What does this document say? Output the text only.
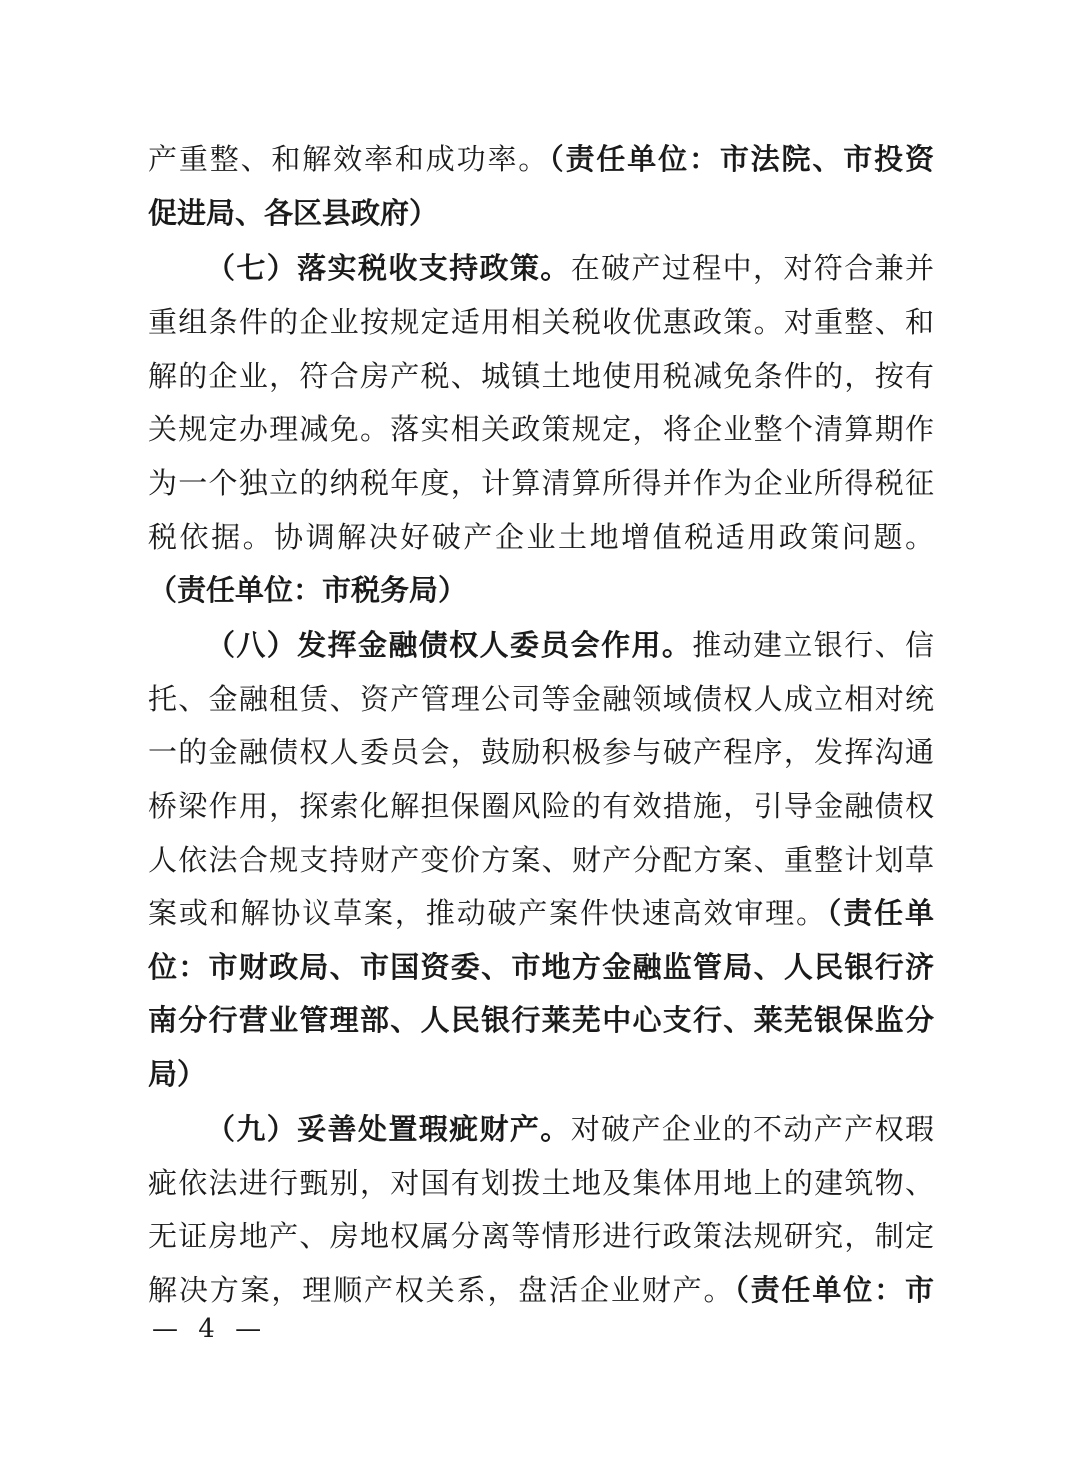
产重整、和解效率和成功率。（责任单位：市法院、市投资
促进局、各区县政府）
（七）落实税收支持政策。在破产过程中，对符合兼并
重组条件的企业按规定适用相关税收优惠政策。对重整、和
解的企业，符合房产税、城镇土地使用税减免条件的，按有
关规定办理减免。落实相关政策规定，将企业整个清算期作
为一个独立的纳税年度，计算清算所得并作为企业所得税征
税依据。协调解决好破产企业土地增值税适用政策问题。
（责任单位：市税务局）
（八）发挥金融债权人委员会作用。推动建立银行、信
托、金融租赁、资产管理公司等金融领域债权人成立相对统
一的金融债权人委员会，鼓励积极参与破产程序，发挥沟通
桥梁作用，探索化解担保圈风险的有效措施，引导金融债权
人依法合规支持财产变价方案、财产分配方案、重整计划草
案或和解协议草案，推动破产案件快速高效审理。（责任单
位：市财政局、市国资委、市地方金融监管局、人民银行济
南分行营业管理部、人民银行莱芜中心支行、莱芜银保监分
局）
（九）妥善处置瑕疵财产。对破产企业的不动产产权瑕
疵依法进行甄别，对国有划拨土地及集体用地上的建筑物、
无证房地产、房地权属分离等情形进行政策法规研究，制定
解决方案，理顺产权关系，盘活企业财产。（责任单位：市
— 4 —
